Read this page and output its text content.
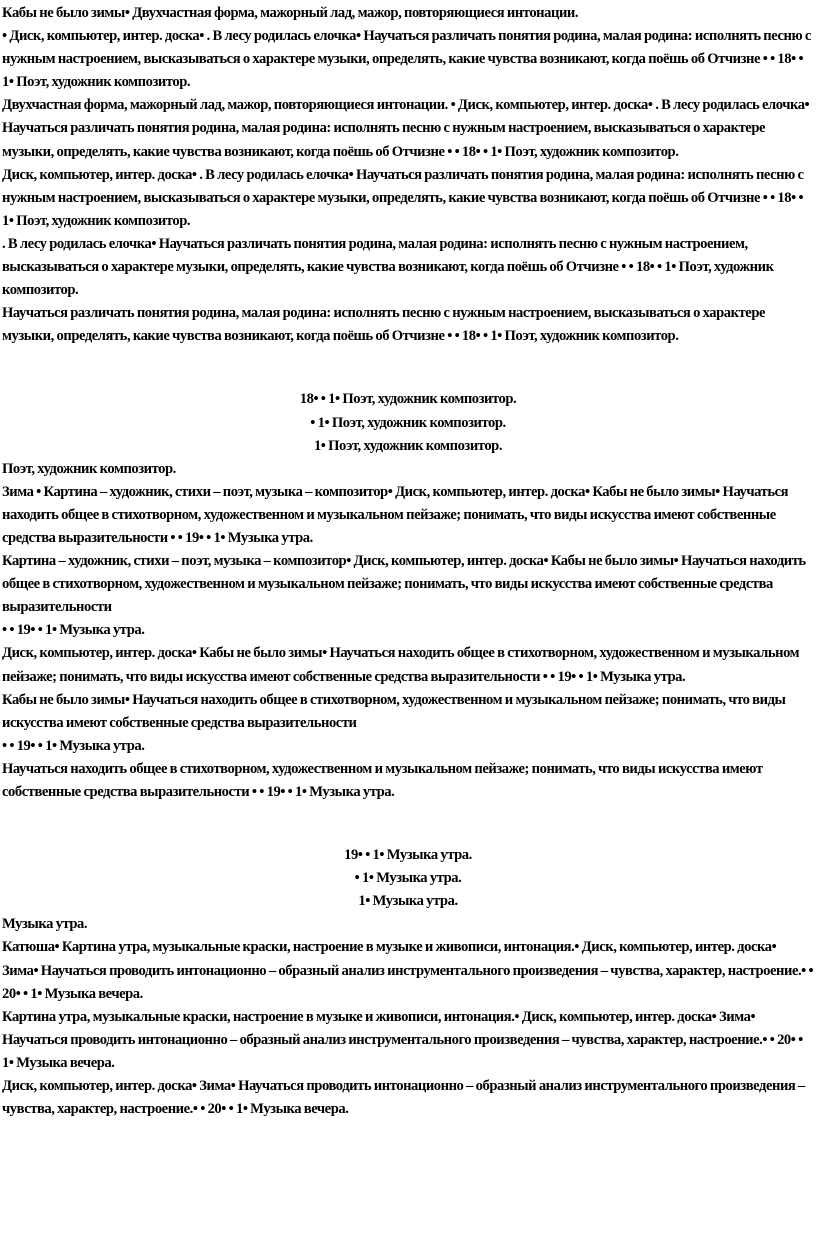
Кабы не было зимы• Двухчастная форма, мажорный лад, мажор, повторяющиеся интонации.
• Диск, компьютер, интер. доска• . В лесу родилась елочка• Научаться различать понятия родина, малая родина: исполнять песню с нужным настроением, высказываться о характере музыки, определять, какие чувства возникают, когда поёшь об Отчизне • • 18• • 1• Поэт, художник композитор.

Двухчастная форма, мажорный лад, мажор, повторяющиеся интонации. • Диск, компьютер, интер. доска• . В лесу родилась елочка• Научаться различать понятия родина, малая родина: исполнять песню с нужным настроением, высказываться о характере музыки, определять, какие чувства возникают, когда поёшь об Отчизне • • 18• • 1• Поэт, художник композитор.

Диск, компьютер, интер. доска• . В лесу родилась елочка• Научаться различать понятия родина, малая родина: исполнять песню с нужным настроением, высказываться о характере музыки, определять, какие чувства возникают, когда поёшь об Отчизне • • 18• • 1• Поэт, художник композитор.

. В лесу родилась елочка• Научаться различать понятия родина, малая родина: исполнять песню с нужным настроением, высказываться о характере музыки, определять, какие чувства возникают, когда поёшь об Отчизне • • 18• • 1• Поэт, художник композитор.

Научаться различать понятия родина, малая родина: исполнять песню с нужным настроением, высказываться о характере музыки, определять, какие чувства возникают, когда поёшь об Отчизне • • 18• • 1• Поэт, художник композитор.

18• • 1• Поэт, художник композитор.

• 1• Поэт, художник композитор.

1• Поэт, художник композитор.

Поэт, художник композитор.

Зима • Картина – художник, стихи – поэт, музыка – композитор• Диск, компьютер, интер. доска• Кабы не было зимы• Научаться находить общее в стихотворном, художественном и музыкальном пейзаже; понимать, что виды искусства имеют собственные средства выразительности • • 19• • 1• Музыка утра.

Картина – художник, стихи – поэт, музыка – композитор• Диск, компьютер, интер. доска• Кабы не было зимы• Научаться находить общее в стихотворном, художественном и музыкальном пейзаже; понимать, что виды искусства имеют собственные средства выразительности
• • 19• • 1• Музыка утра.

Диск, компьютер, интер. доска• Кабы не было зимы• Научаться находить общее в стихотворном, художественном и музыкальном пейзаже; понимать, что виды искусства имеют собственные средства выразительности • • 19• • 1• Музыка утра.

Кабы не было зимы• Научаться находить общее в стихотворном, художественном и музыкальном пейзаже; понимать, что виды искусства имеют собственные средства выразительности
• • 19• • 1• Музыка утра.

Научаться находить общее в стихотворном, художественном и музыкальном пейзаже; понимать, что виды искусства имеют собственные средства выразительности • • 19• • 1• Музыка утра.

19• • 1• Музыка утра.

• 1• Музыка утра.

1• Музыка утра.

Музыка утра.

Катюша• Картина утра, музыкальные краски, настроение в музыке и живописи, интонация.• Диск, компьютер, интер. доска• Зима• Научаться проводить интонационно – образный анализ инструментального произведения – чувства, характер, настроение.• • 20• • 1• Музыка вечера.

Картина утра, музыкальные краски, настроение в музыке и живописи, интонация.• Диск, компьютер, интер. доска• Зима• Научаться проводить интонационно – образный анализ инструментального произведения – чувства, характер, настроение.• • 20• • 1• Музыка вечера.

Диск, компьютер, интер. доска• Зима• Научаться проводить интонационно – образный анализ инструментального произведения – чувства, характер, настроение.• • 20• • 1• Музыка вечера.
